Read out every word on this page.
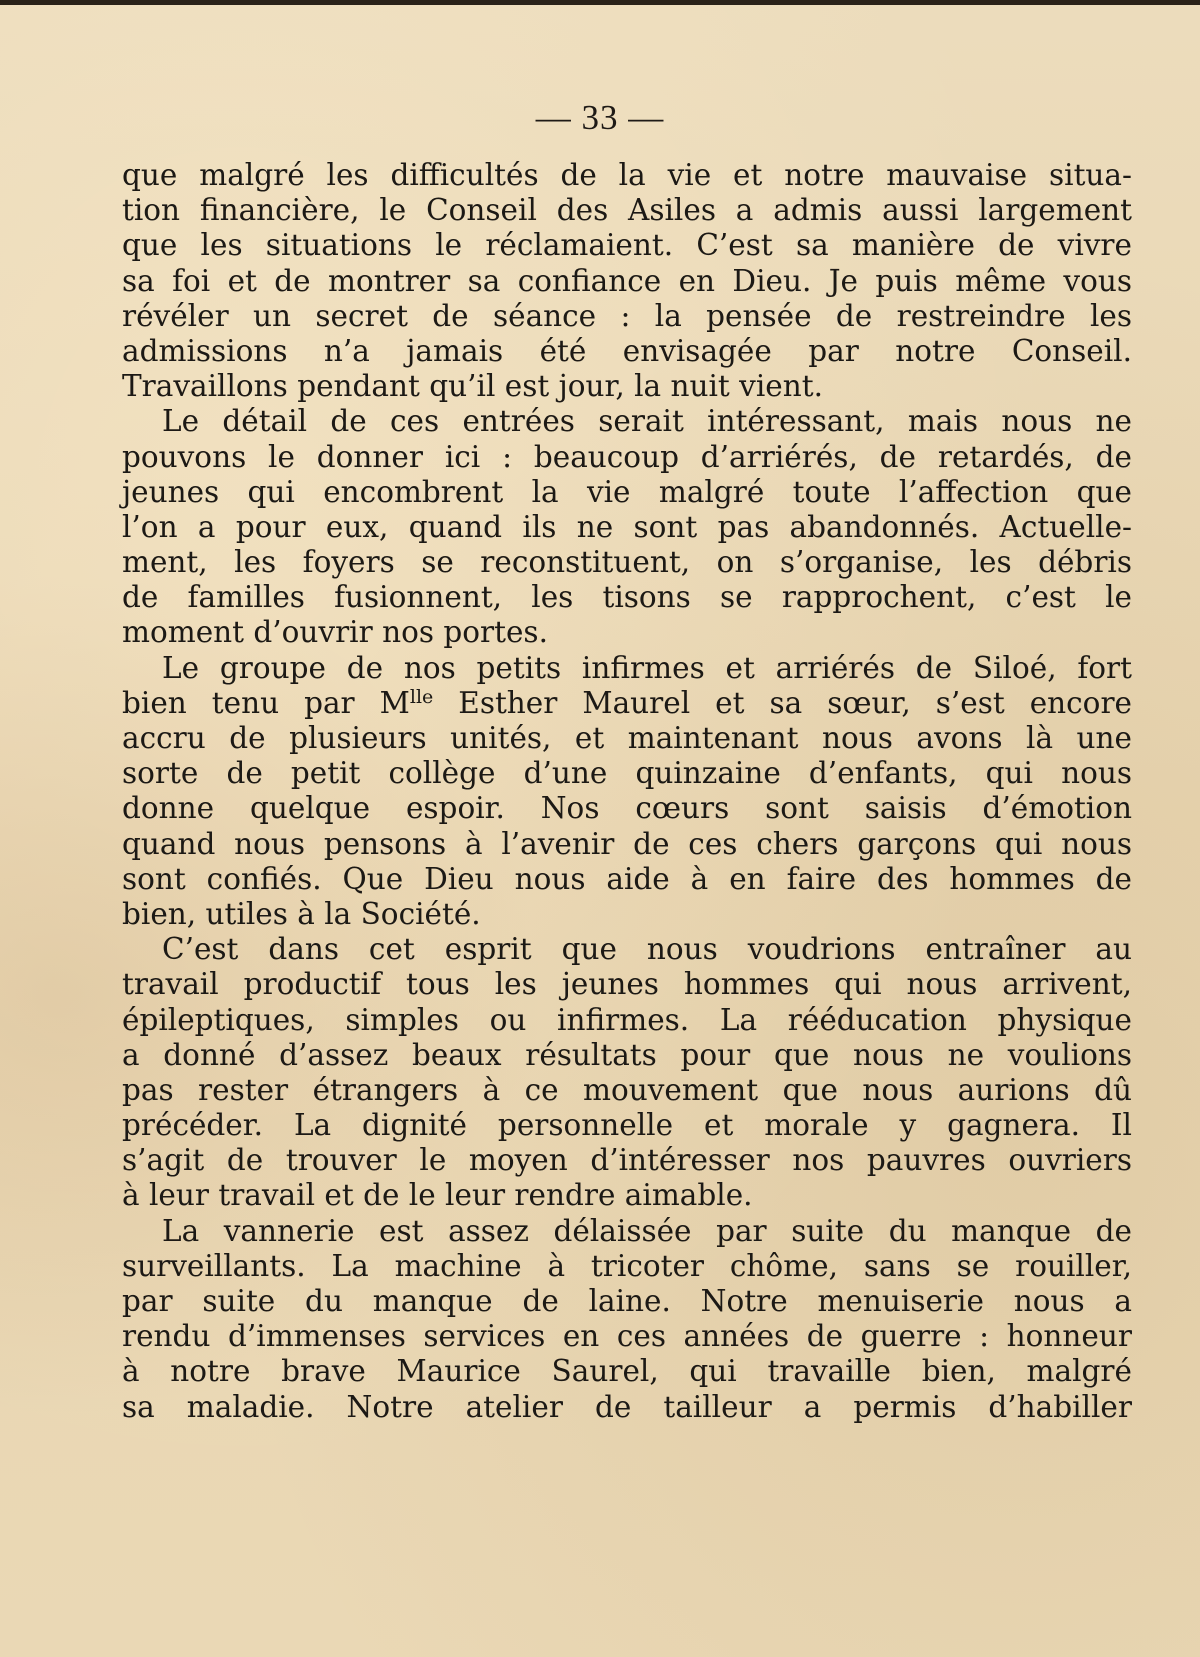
— 33 —
que malgré les difficultés de la vie et notre mauvaise situa-
tion financière, le Conseil des Asiles a admis aussi largement
que les situations le réclamaient. C’est sa manière de vivre
sa foi et de montrer sa confiance en Dieu. Je puis même vous
révéler un secret de séance : la pensée de restreindre les
admissions n’a jamais été envisagée par notre Conseil.
Travaillons pendant qu’il est jour, la nuit vient.
Le détail de ces entrées serait intéressant, mais nous ne
pouvons le donner ici : beaucoup d’arriérés, de retardés, de
jeunes qui encombrent la vie malgré toute l’affection que
l’on a pour eux, quand ils ne sont pas abandonnés. Actuelle-
ment, les foyers se reconstituent, on s’organise, les débris
de familles fusionnent, les tisons se rapprochent, c’est le
moment d’ouvrir nos portes.
Le groupe de nos petits infirmes et arriérés de Siloé, fort
bien tenu par $M^{lle}$ Esther Maurel et sa sœur, s’est encore
accru de plusieurs unités, et maintenant nous avons là une
sorte de petit collège d’une quinzaine d’enfants, qui nous
donne quelque espoir. Nos cœurs sont saisis d’émotion
quand nous pensons à l’avenir de ces chers garçons qui nous
sont confiés. Que Dieu nous aide à en faire des hommes de
bien, utiles à la Société.
C’est dans cet esprit que nous voudrions entraîner au
travail productif tous les jeunes hommes qui nous arrivent,
épileptiques, simples ou infirmes. La rééducation physique
a donné d’assez beaux résultats pour que nous ne voulions
pas rester étrangers à ce mouvement que nous aurions dû
précéder. La dignité personnelle et morale y gagnera. Il
s’agit de trouver le moyen d’intéresser nos pauvres ouvriers
à leur travail et de le leur rendre aimable.
La vannerie est assez délaissée par suite du manque de
surveillants. La machine à tricoter chôme, sans se rouiller,
par suite du manque de laine. Notre menuiserie nous a
rendu d’immenses services en ces années de guerre : honneur
à notre brave Maurice Saurel, qui travaille bien, malgré
sa maladie. Notre atelier de tailleur a permis d’habiller
